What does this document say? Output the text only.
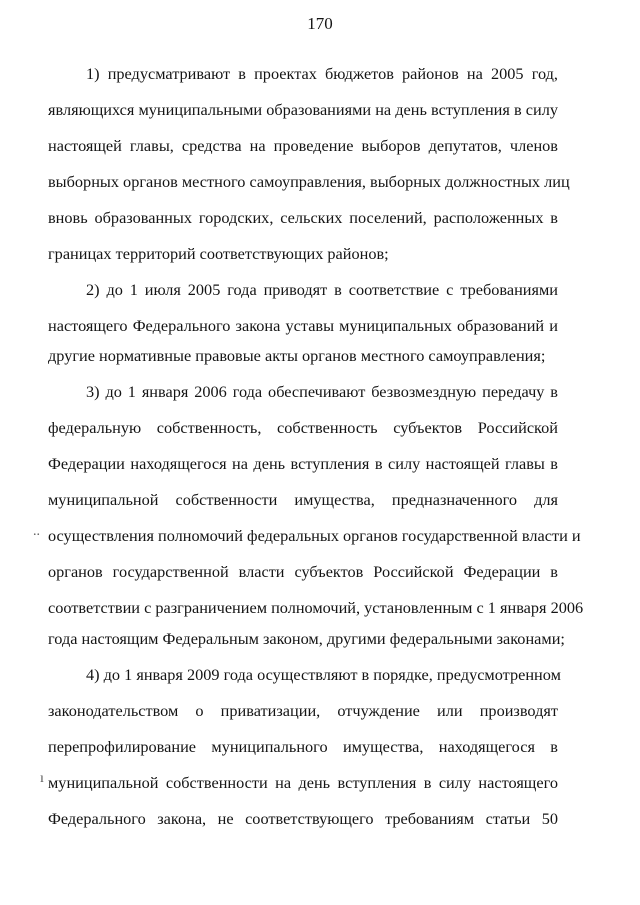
170
1) предусматривают в проектах бюджетов районов на 2005 год,
являющихся муниципальными образованиями на день вступления в силу
настоящей главы, средства на проведение выборов депутатов, членов
выборных органов местного самоуправления, выборных должностных лиц
вновь образованных городских, сельских поселений, расположенных в
границах территорий соответствующих районов;
2) до 1 июля 2005 года приводят в соответствие с требованиями
настоящего Федерального закона уставы муниципальных образований и
другие нормативные правовые акты органов местного самоуправления;
3) до 1 января 2006 года обеспечивают безвозмездную передачу в
федеральную собственность, собственность субъектов Российской
Федерации находящегося на день вступления в силу настоящей главы в
муниципальной собственности имущества, предназначенного для
осуществления полномочий федеральных органов государственной власти и
органов государственной власти субъектов Российской Федерации в
соответствии с разграничением полномочий, установленным с 1 января 2006
года настоящим Федеральным законом, другими федеральными законами;
4) до 1 января 2009 года осуществляют в порядке, предусмотренном
законодательством о приватизации, отчуждение или производят
перепрофилирование муниципального имущества, находящегося в
муниципальной собственности на день вступления в силу настоящего
Федерального закона, не соответствующего требованиям статьи 50
..
ı
